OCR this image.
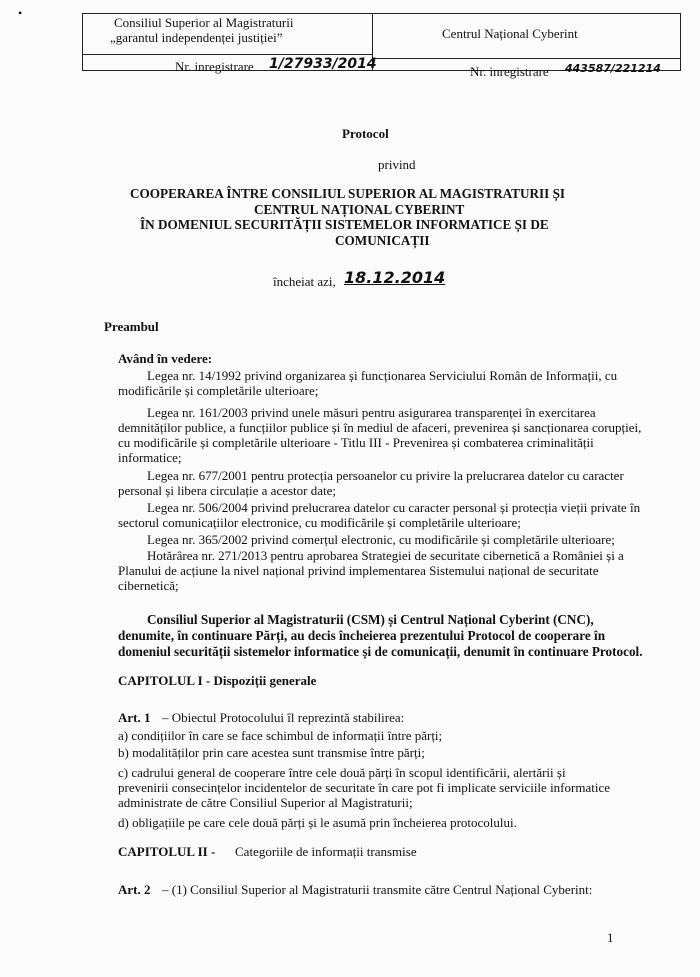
•
Consiliul Superior al Magistraturii
„garantul independenței justiției”
Nr. inregistrare 1/27933/2014
Centrul Național Cyberint
Nr. inregistrare 443587/221214
Protocol
privind
COOPERAREA ÎNTRE CONSILIUL SUPERIOR AL MAGISTRATURII ȘI
CENTRUL NAȚIONAL CYBERINT
ÎN DOMENIUL SECURITĂȚII SISTEMELOR INFORMATICE ȘI DE
COMUNICAȚII
încheiat azi, 18.12.2014
Preambul
Având în vedere:
Legea nr. 14/1992 privind organizarea și funcționarea Serviciului Român de Informații, cu
modificările și completările ulterioare;
Legea nr. 161/2003 privind unele măsuri pentru asigurarea transparenței în exercitarea
demnităților publice, a funcțiilor publice și în mediul de afaceri, prevenirea și sancționarea corupției,
cu modificările și completările ulterioare - Titlu III - Prevenirea și combaterea criminalității
informatice;
Legea nr. 677/2001 pentru protecția persoanelor cu privire la prelucrarea datelor cu caracter
personal și libera circulație a acestor date;
Legea nr. 506/2004 privind prelucrarea datelor cu caracter personal și protecția vieții private în
sectorul comunicațiilor electronice, cu modificările și completările ulterioare;
Legea nr. 365/2002 privind comerțul electronic, cu modificările și completările ulterioare;
Hotărârea nr. 271/2013 pentru aprobarea Strategiei de securitate cibernetică a României și a
Planului de acțiune la nivel național privind implementarea Sistemului național de securitate
cibernetică;
Consiliul Superior al Magistraturii (CSM) și Centrul Național Cyberint (CNC),
denumite, în continuare Părți, au decis încheierea prezentului Protocol de cooperare în
domeniul securității sistemelor informatice și de comunicații, denumit în continuare Protocol.
CAPITOLUL I - Dispoziții generale
Art. 1 – Obiectul Protocolului îl reprezintă stabilirea:
a) condițiilor în care se face schimbul de informații între părți;
b) modalităților prin care acestea sunt transmise între părți;
c) cadrului general de cooperare între cele două părți în scopul identificării, alertării și
prevenirii consecințelor incidentelor de securitate în care pot fi implicate serviciile informatice
administrate de către Consiliul Superior al Magistraturii;
d) obligațiile pe care cele două părți și le asumă prin încheierea protocolului.
CAPITOLUL II - Categoriile de informații transmise
Art. 2 – (1) Consiliul Superior al Magistraturii transmite către Centrul Național Cyberint:
1
